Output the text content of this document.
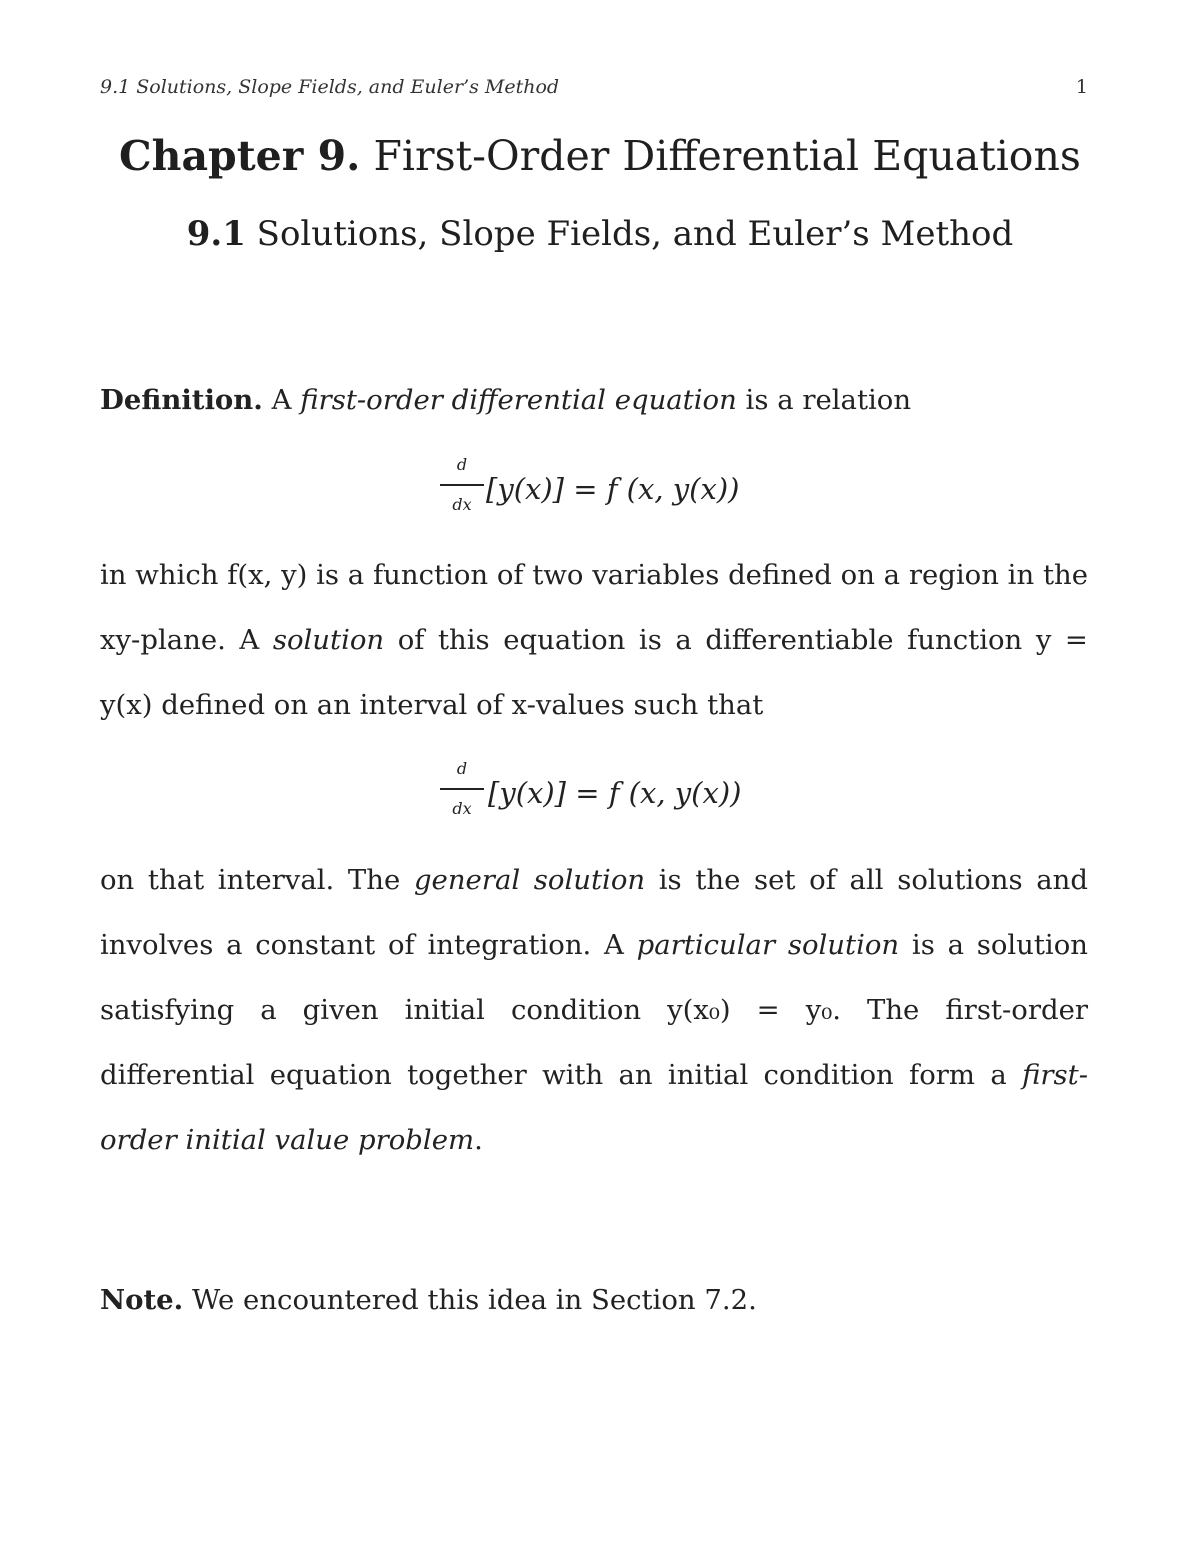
9.1 Solutions, Slope Fields, and Euler’s Method	1
Chapter 9. First-Order Differential Equations
9.1 Solutions, Slope Fields, and Euler’s Method
Definition. A first-order differential equation is a relation
d
dx [y(x)] = f (x, y(x))
in which f(x, y) is a function of two variables defined on a region in the xy-plane. A solution of this equation is a differentiable function y = y(x) defined on an interval of x-values such that
d
dx [y(x)] = f (x, y(x))
on that interval. The general solution is the set of all solutions and involves a constant of integration. A particular solution is a solution satisfying a given initial condition y(x₀) = y₀. The first-order differential equation together with an initial condition form a first-order initial value problem.
Note. We encountered this idea in Section 7.2.
